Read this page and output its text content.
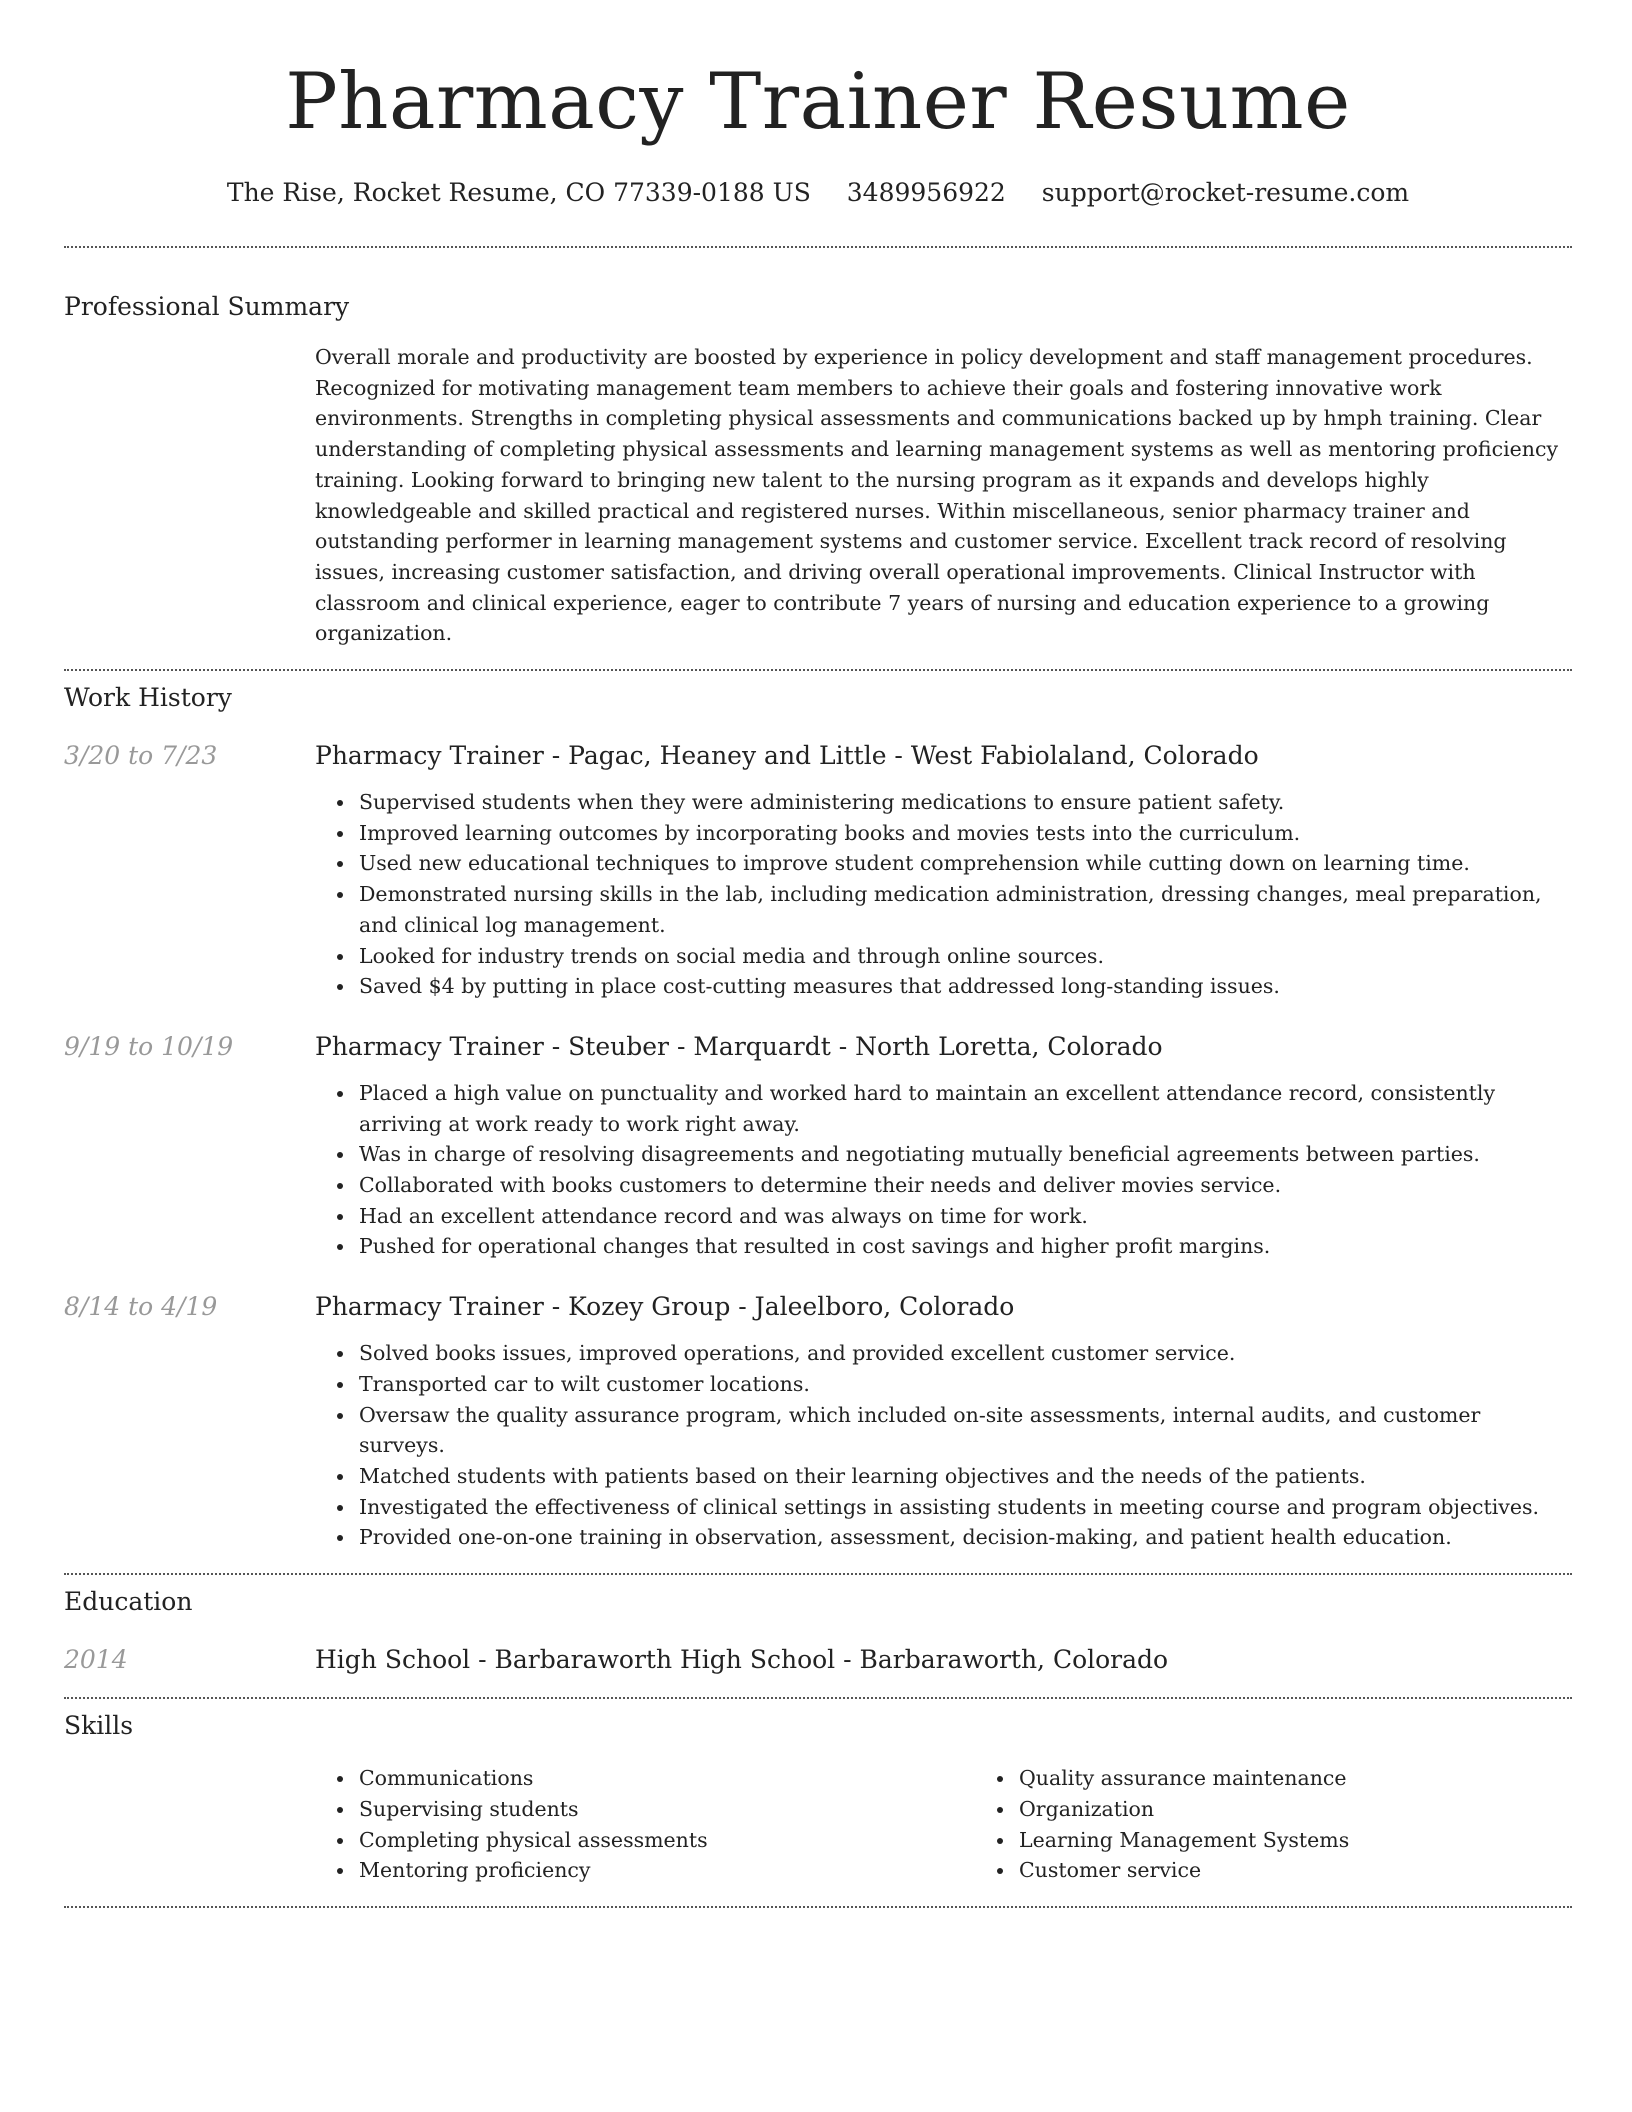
Pharmacy Trainer Resume
The Rise, Rocket Resume, CO 77339-0188 US 3489956922 support@rocket-resume.com
Professional Summary

Overall morale and productivity are boosted by experience in policy development and staff management procedures. Recognized for motivating management team members to achieve their goals and fostering innovative work environments. Strengths in completing physical assessments and communications backed up by hmph training. Clear understanding of completing physical assessments and learning management systems as well as mentoring proficiency training. Looking forward to bringing new talent to the nursing program as it expands and develops highly knowledgeable and skilled practical and registered nurses. Within miscellaneous, senior pharmacy trainer and outstanding performer in learning management systems and customer service. Excellent track record of resolving issues, increasing customer satisfaction, and driving overall operational improvements. Clinical Instructor with classroom and clinical experience, eager to contribute 7 years of nursing and education experience to a growing organization.

Work History
3/20 to 7/23	Pharmacy Trainer - Pagac, Heaney and Little - West Fabiolaland, Colorado
Supervised students when they were administering medications to ensure patient safety.
Improved learning outcomes by incorporating books and movies tests into the curriculum.
Used new educational techniques to improve student comprehension while cutting down on learning time.
Demonstrated nursing skills in the lab, including medication administration, dressing changes, meal preparation, and clinical log management.
Looked for industry trends on social media and through online sources.
Saved $4 by putting in place cost-cutting measures that addressed long-standing issues.
9/19 to 10/19	Pharmacy Trainer - Steuber - Marquardt - North Loretta, Colorado
Placed a high value on punctuality and worked hard to maintain an excellent attendance record, consistently arriving at work ready to work right away.
Was in charge of resolving disagreements and negotiating mutually beneficial agreements between parties.
Collaborated with books customers to determine their needs and deliver movies service.
Had an excellent attendance record and was always on time for work.
Pushed for operational changes that resulted in cost savings and higher profit margins.
8/14 to 4/19	Pharmacy Trainer - Kozey Group - Jaleelboro, Colorado
Solved books issues, improved operations, and provided excellent customer service.
Transported car to wilt customer locations.
Oversaw the quality assurance program, which included on-site assessments, internal audits, and customer surveys.
Matched students with patients based on their learning objectives and the needs of the patients.
Investigated the effectiveness of clinical settings in assisting students in meeting course and program objectives.
Provided one-on-one training in observation, assessment, decision-making, and patient health education.
Education
2014	High School - Barbaraworth High School - Barbaraworth, Colorado
Skills
Communications
Supervising students
Completing physical assessments
Mentoring proficiency
Quality assurance maintenance
Organization
Learning Management Systems
Customer service
